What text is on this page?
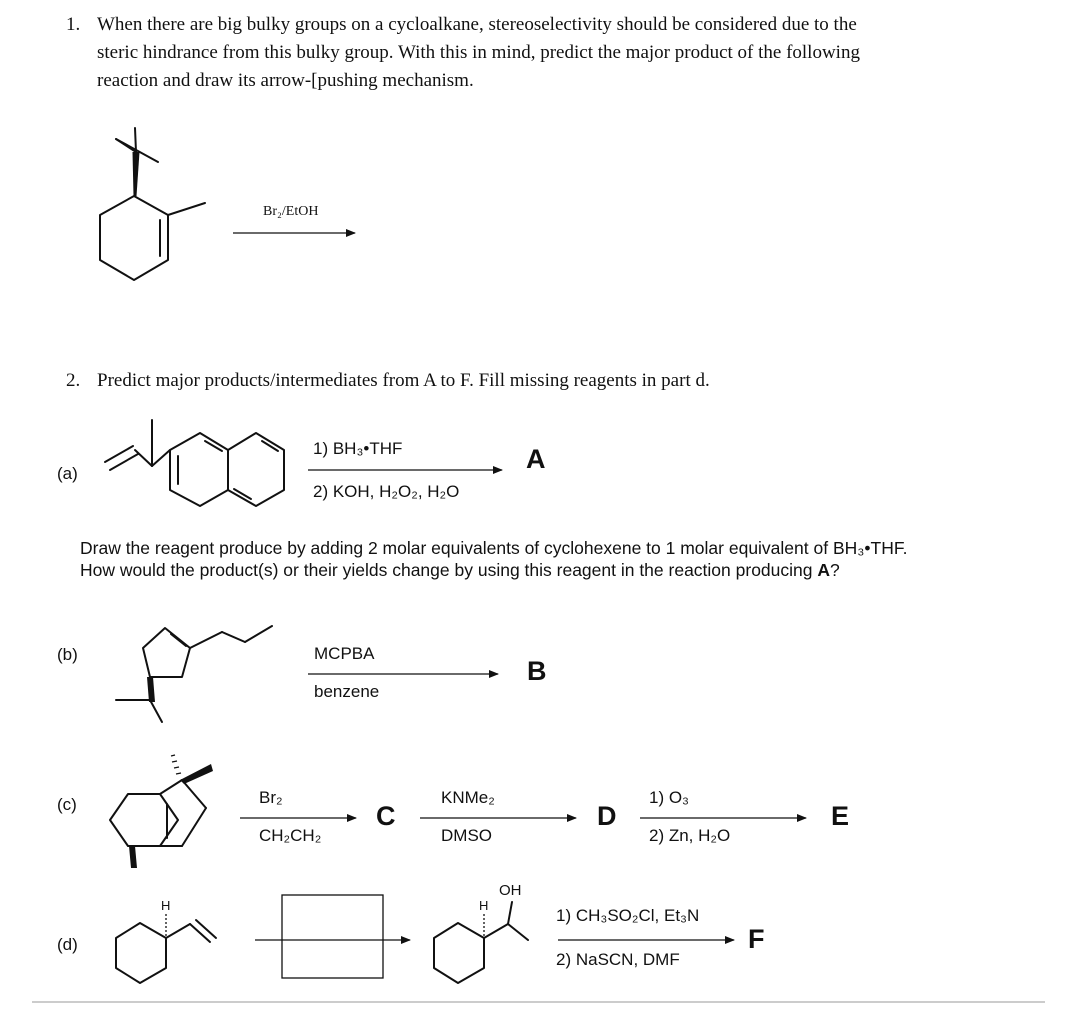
1. When there are big bulky groups on a cycloalkane, stereoselectivity should be considered due to the
steric hindrance from this bulky group. With this in mind, predict the major product of the following
reaction and draw its arrow-[pushing mechanism.
Br₂/EtOH
2. Predict major products/intermediates from A to F. Fill missing reagents in part d.
(a)
1) BH₃•THF
2) KOH, H₂O₂, H₂O
A
Draw the reagent produce by adding 2 molar equivalents of cyclohexene to 1 molar equivalent of BH₃•THF.
How would the product(s) or their yields change by using this reagent in the reaction producing A?
(b)	MCPBA
benzene
B
(c)	Br₂
CH₂CH₂
C
KNMe₂
DMSO
D
1) O₃
2) Zn, H₂O
E
(d)
H	H
OH
1) CH₃SO₂Cl, Et₃N
2) NaSCN, DMF
F
